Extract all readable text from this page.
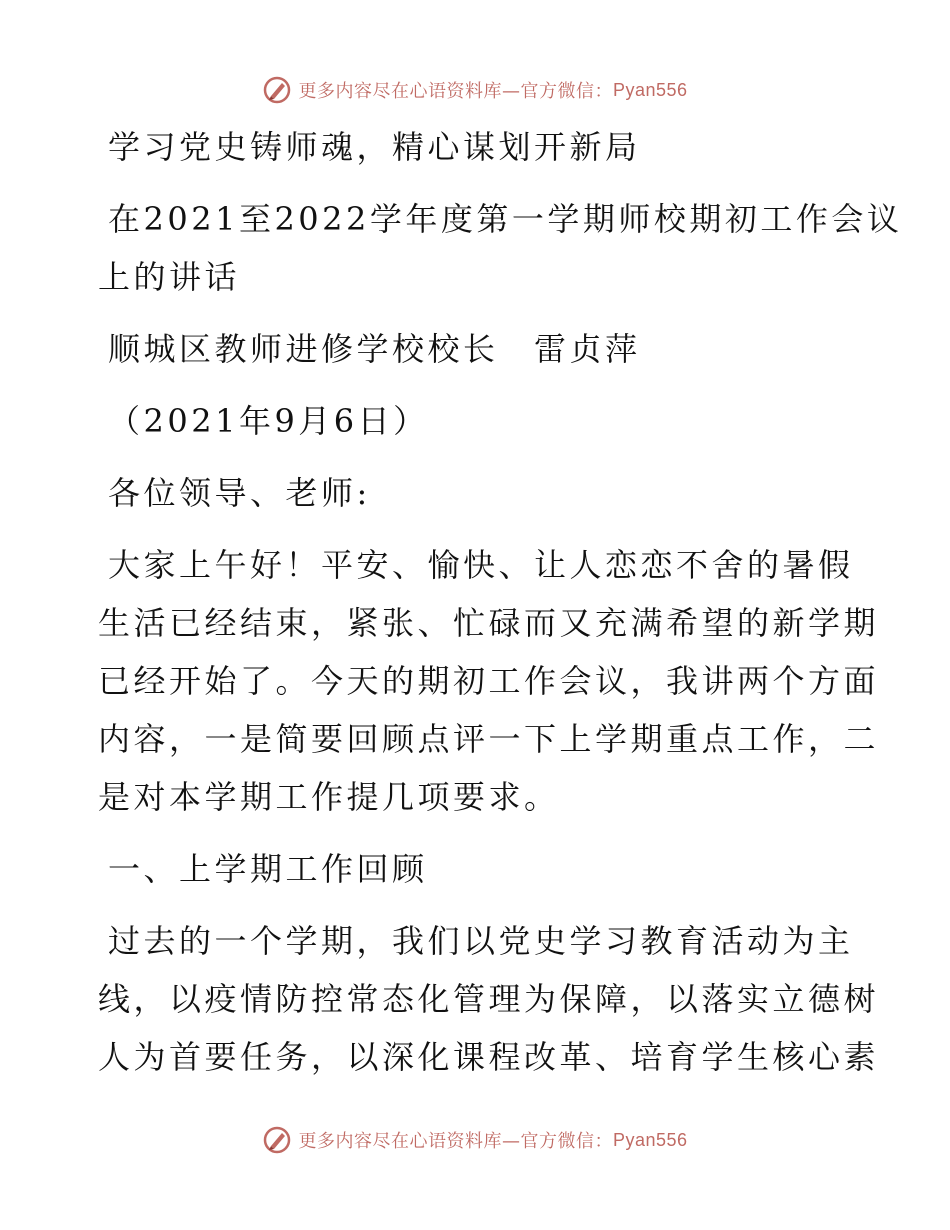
更多内容尽在心语资料库—官方微信： Pyan556
学习党史铸师魂，精心谋划开新局
在2021至2022学年度第一学期师校期初工作会议
上的讲话
顺城区教师进修学校校长　雷贞萍
（2021年9月6日）
各位领导、老师:
大家上午好！平安、愉快、让人恋恋不舍的暑假
生活已经结束，紧张、忙碌而又充满希望的新学期
已经开始了。今天的期初工作会议，我讲两个方面
内容，一是简要回顾点评一下上学期重点工作，二
是对本学期工作提几项要求。
一、上学期工作回顾
过去的一个学期，我们以党史学习教育活动为主
线，以疫情防控常态化管理为保障，以落实立德树
人为首要任务，以深化课程改革、培育学生核心素
更多内容尽在心语资料库—官方微信： Pyan556
